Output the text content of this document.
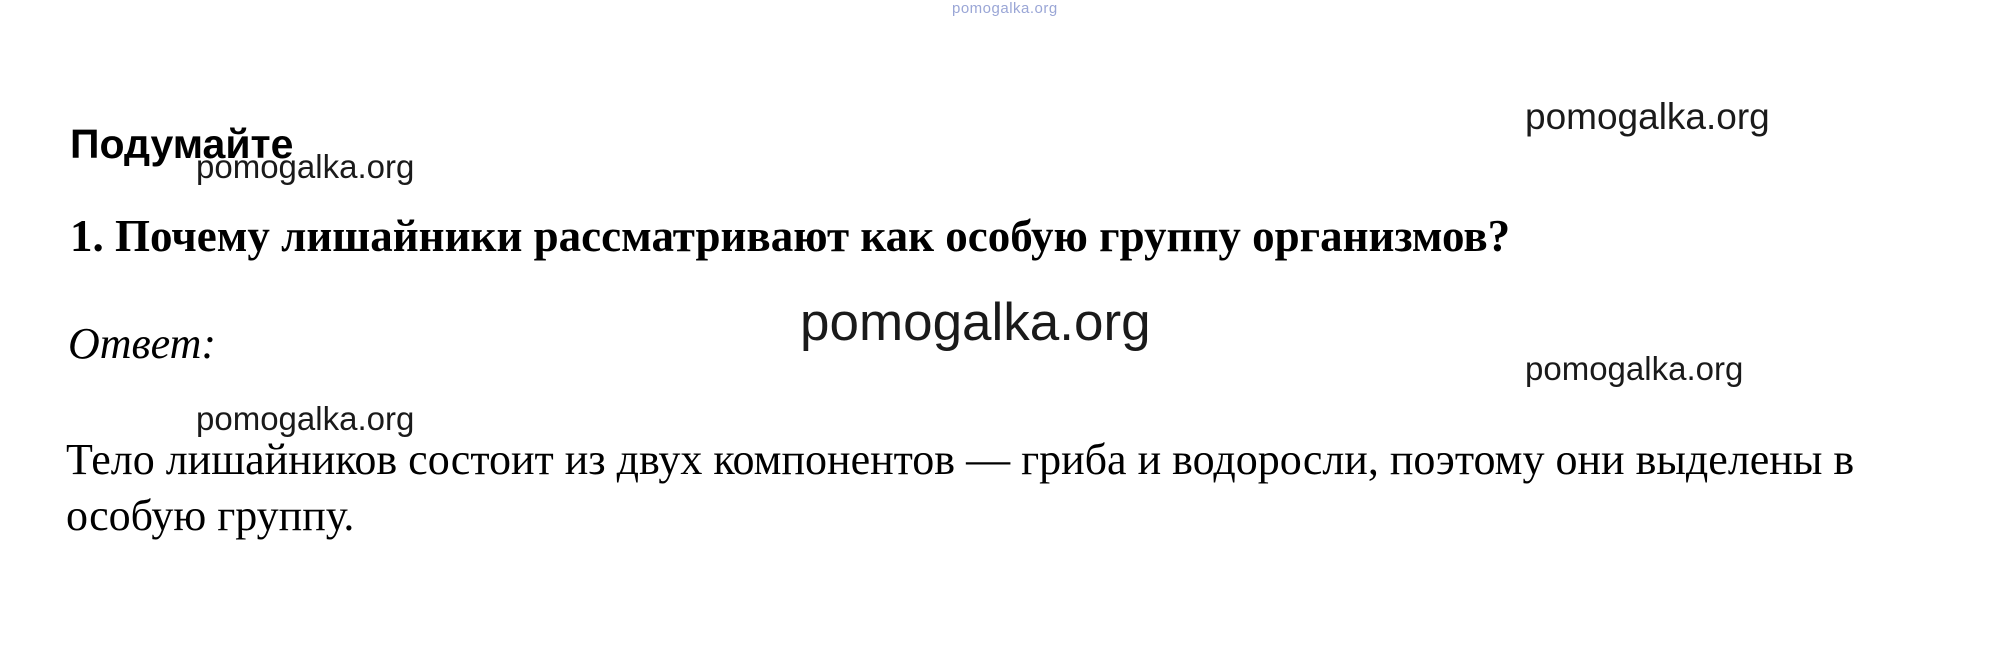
pomogalka.org
Подумайте
pomogalka.org
pomogalka.org
1. Почему лишайники рассматривают как особую группу организмов?
Ответ:	pomogalka.org
pomogalka.org
pomogalka.org
Тело лишайников состоит из двух компонентов — гриба и водоросли, поэтому они выделены в особую группу.
